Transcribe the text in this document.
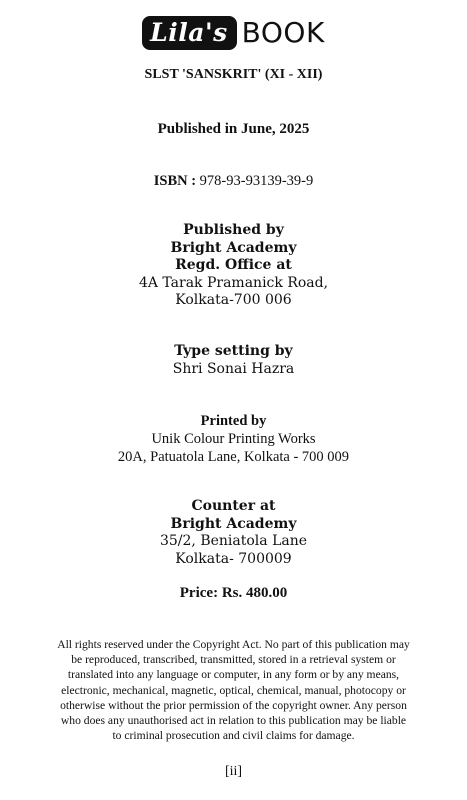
Lila's BOOK
SLST 'SANSKRIT' (XI - XII)
Published in June, 2025
ISBN : 978-93-93139-39-9
Published by
Bright Academy
Regd. Office at
4A Tarak Pramanick Road,
Kolkata-700 006
Type setting by
Shri Sonai Hazra
Printed by
Unik Colour Printing Works
20A, Patuatola Lane, Kolkata - 700 009
Counter at
Bright Academy
35/2, Beniatola Lane
Kolkata- 700009
Price: Rs. 480.00
All rights reserved under the Copyright Act. No part of this publication may
be reproduced, transcribed, transmitted, stored in a retrieval system or
translated into any language or computer, in any form or by any means,
electronic, mechanical, magnetic, optical, chemical, manual, photocopy or
otherwise without the prior permission of the copyright owner. Any person
who does any unauthorised act in relation to this publication may be liable
to criminal prosecution and civil claims for damage.
[ii]
